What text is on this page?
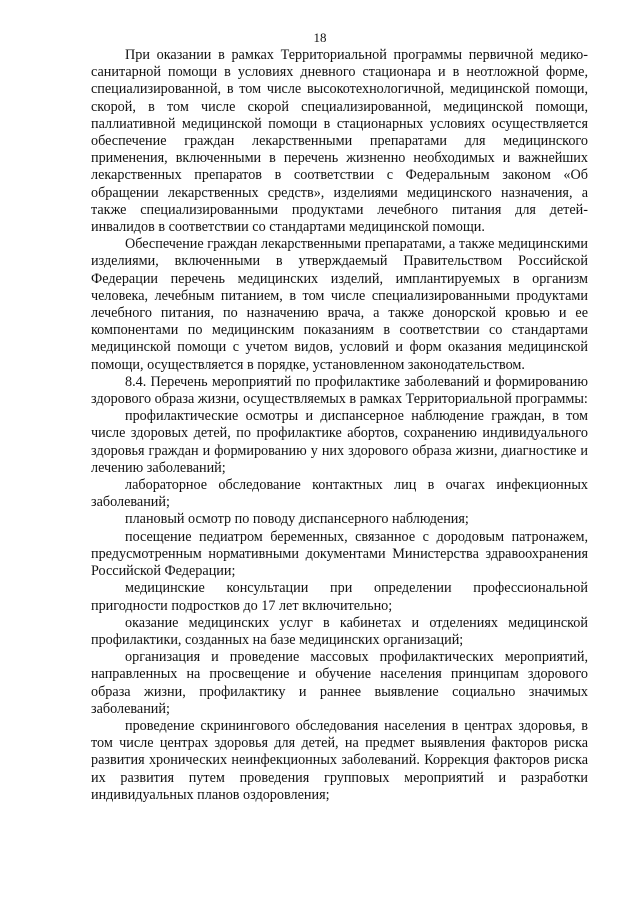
18

При оказании в рамках Территориальной программы первичной медико-санитарной помощи в условиях дневного стационара и в неотложной форме, специализированной, в том числе высокотехнологичной, медицинской помощи, скорой, в том числе скорой специализированной, медицинской помощи, паллиативной медицинской помощи в стационарных условиях осуществляется обеспечение граждан лекарственными препаратами для медицинского применения, включенными в перечень жизненно необходимых и важнейших лекарственных препаратов в соответствии с Федеральным законом «Об обращении лекарственных средств», изделиями медицинского назначения, а также специализированными продуктами лечебного питания для детей-инвалидов в соответствии со стандартами медицинской помощи.

Обеспечение граждан лекарственными препаратами, а также медицинскими изделиями, включенными в утверждаемый Правительством Российской Федерации перечень медицинских изделий, имплантируемых в организм человека, лечебным питанием, в том числе специализированными продуктами лечебного питания, по назначению врача, а также донорской кровью и ее компонентами по медицинским показаниям в соответствии со стандартами медицинской помощи с учетом видов, условий и форм оказания медицинской помощи, осуществляется в порядке, установленном законодательством.

8.4. Перечень мероприятий по профилактике заболеваний и формированию здорового образа жизни, осуществляемых в рамках Территориальной программы:

профилактические осмотры и диспансерное наблюдение граждан, в том числе здоровых детей, по профилактике абортов, сохранению индивидуального здоровья граждан и формированию у них здорового образа жизни, диагностике и лечению заболеваний;

лабораторное обследование контактных лиц в очагах инфекционных заболеваний;

плановый осмотр по поводу диспансерного наблюдения;

посещение педиатром беременных, связанное с дородовым патронажем, предусмотренным нормативными документами Министерства здравоохранения Российской Федерации;

медицинские консультации при определении профессиональной пригодности подростков до 17 лет включительно;

оказание медицинских услуг в кабинетах и отделениях медицинской профилактики, созданных на базе медицинских организаций;

организация и проведение массовых профилактических мероприятий, направленных на просвещение и обучение населения принципам здорового образа жизни, профилактику и раннее выявление социально значимых заболеваний;

проведение скринингового обследования населения в центрах здоровья, в том числе центрах здоровья для детей, на предмет выявления факторов риска развития хронических неинфекционных заболеваний. Коррекция факторов риска их развития путем проведения групповых мероприятий и разработки индивидуальных планов оздоровления;
